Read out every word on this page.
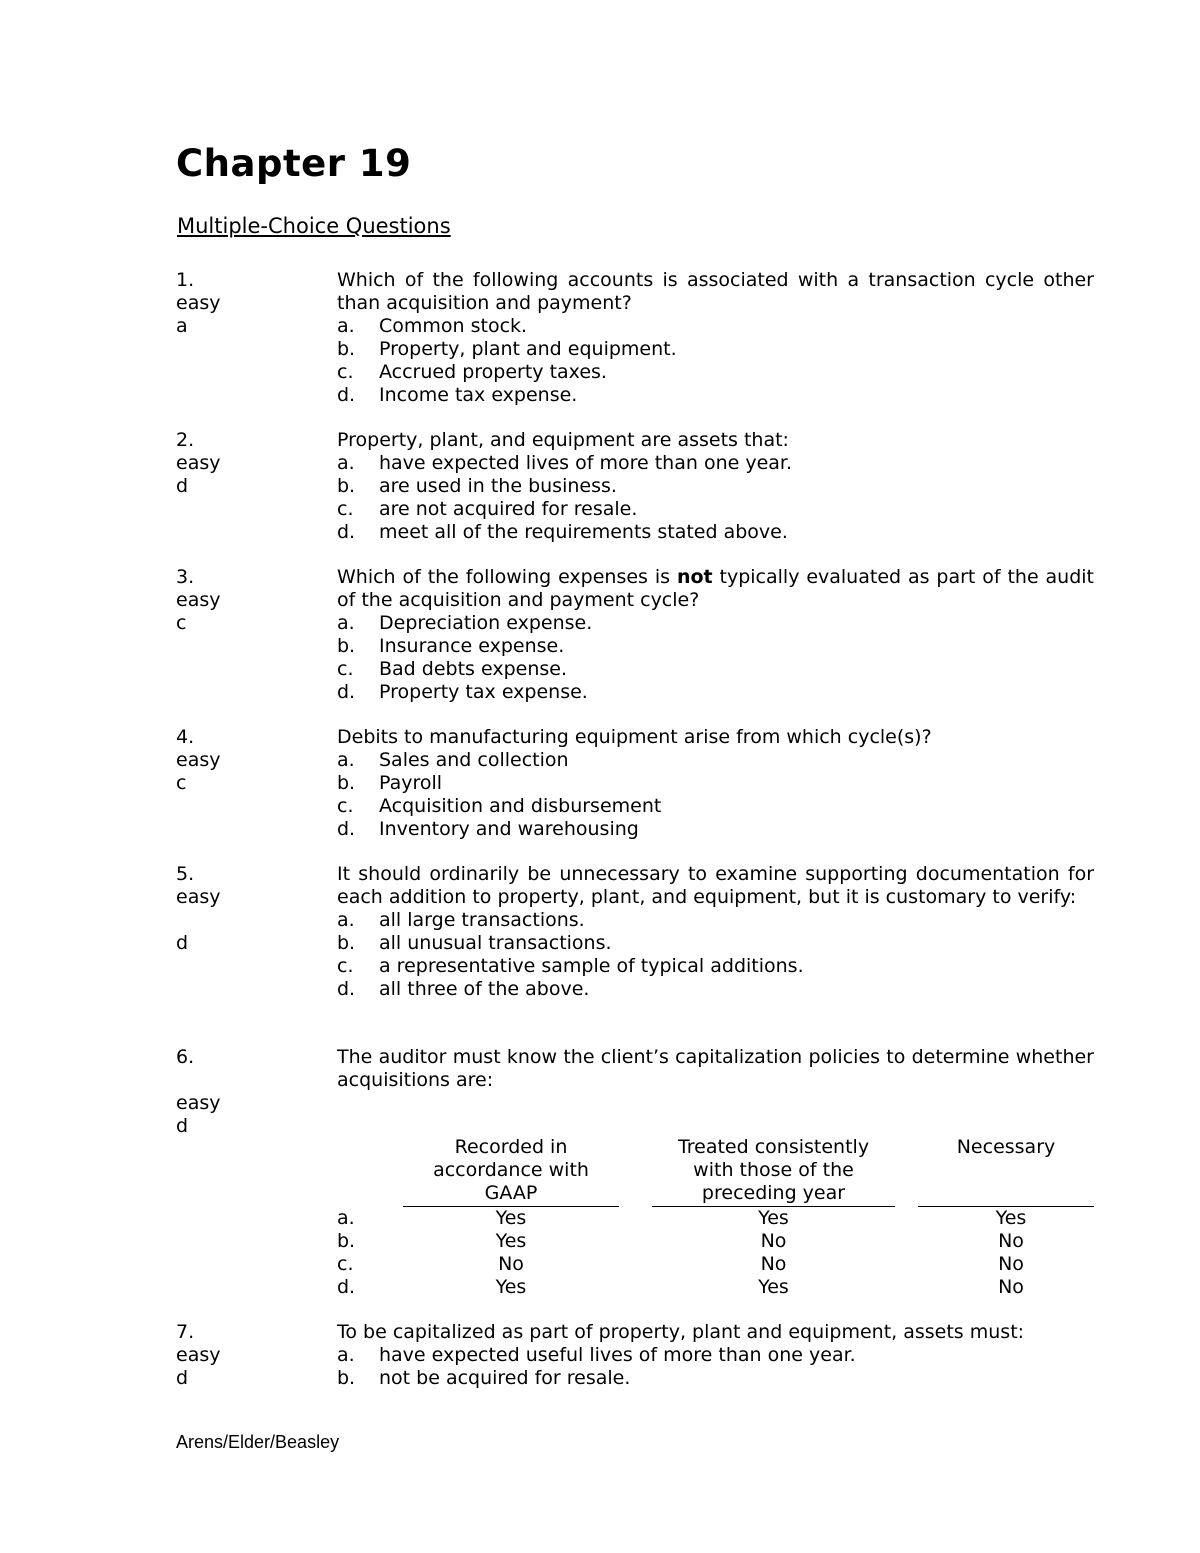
Chapter 19
Multiple-Choice Questions
1.
easy
a
Which of the following accounts is associated with a transaction cycle other than acquisition and payment?
a.	Common stock.
b.	Property, plant and equipment.
c.	Accrued property taxes.
d.	Income tax expense.
2.
easy
d
Property, plant, and equipment are assets that:
a.	have expected lives of more than one year.
b.	are used in the business.
c.	are not acquired for resale.
d.	meet all of the requirements stated above.
3.
easy
c
Which of the following expenses is not typically evaluated as part of the audit of the acquisition and payment cycle?
a.	Depreciation expense.
b.	Insurance expense.
c.	Bad debts expense.
d.	Property tax expense.
4.
easy
c
Debits to manufacturing equipment arise from which cycle(s)?
a.	Sales and collection
b.	Payroll
c.	Acquisition and disbursement
d.	Inventory and warehousing
5.
easy
d
It should ordinarily be unnecessary to examine supporting documentation for each addition to property, plant, and equipment, but it is customary to verify:
a.	all large transactions.
b.	all unusual transactions.
c.	a representative sample of typical additions.
d.	all three of the above.
6.
easy
d
The auditor must know the client’s capitalization policies to determine whether acquisitions are:
Recorded in
accordance with
GAAP
Treated consistently
with those of the
preceding year
Necessary
a.	Yes	Yes	Yes
b.	Yes	No	No
c.	No	No	No
d.	Yes	Yes	No
7.
easy
d
To be capitalized as part of property, plant and equipment, assets must:
a.	have expected useful lives of more than one year.
b.	not be acquired for resale.
Arens/Elder/Beasley
